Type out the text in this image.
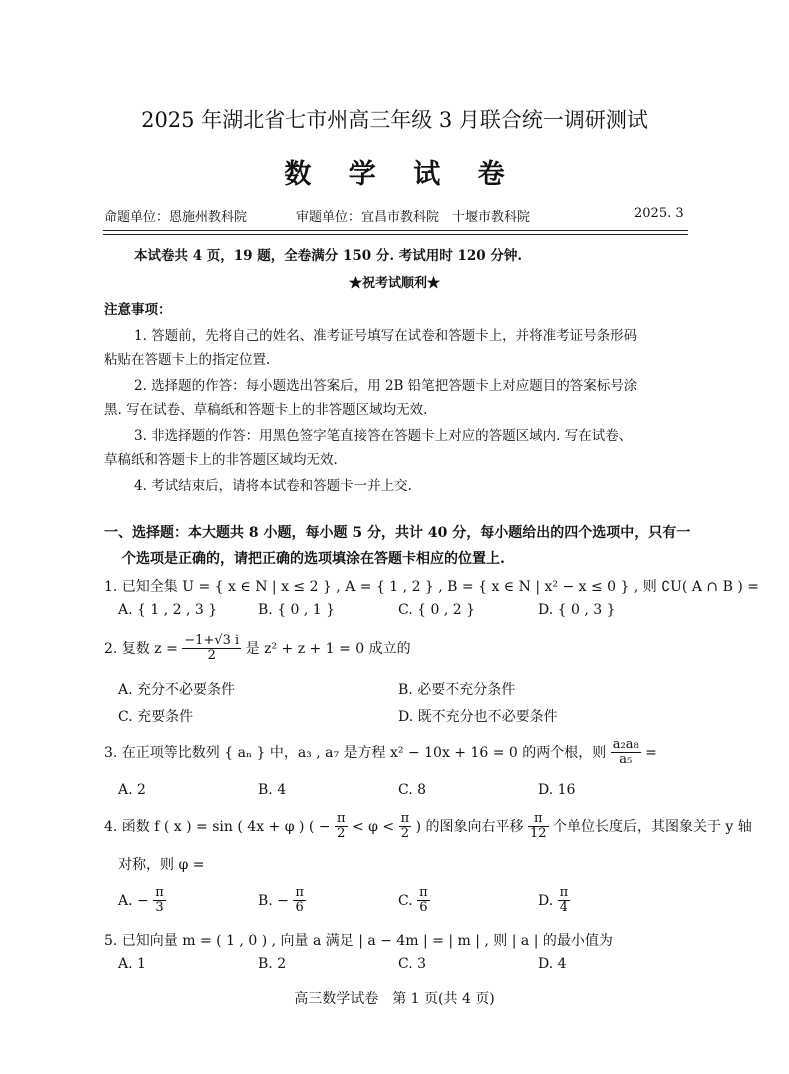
2025 年湖北省七市州高三年级 3 月联合统一调研测试
数 学 试 卷
命题单位：恩施州教科院	审题单位：宜昌市教科院　十堰市教科院	2025. 3
本试卷共 4 页，19 题，全卷满分 150 分. 考试用时 120 分钟.
★祝考试顺利★
注意事项：
1. 答题前，先将自己的姓名、准考证号填写在试卷和答题卡上，并将准考证号条形码
粘贴在答题卡上的指定位置.
2. 选择题的作答：每小题选出答案后，用 2B 铅笔把答题卡上对应题目的答案标号涂
黑. 写在试卷、草稿纸和答题卡上的非答题区域均无效.
3. 非选择题的作答：用黑色签字笔直接答在答题卡上对应的答题区域内. 写在试卷、
草稿纸和答题卡上的非答题区域均无效.
4. 考试结束后，请将本试卷和答题卡一并上交.
一、选择题：本大题共 8 小题，每小题 5 分，共计 40 分，每小题给出的四个选项中，只有一
个选项是正确的，请把正确的选项填涂在答题卡相应的位置上.
1. 已知全集 U = { x ∈ N | x ≤ 2 } , A = { 1 , 2 } , B = { x ∈ N | x² − x ≤ 0 } , 则 ∁U( A ∩ B ) =
A. { 1 , 2 , 3 }	B. { 0 , 1 }	C. { 0 , 2 }	D. { 0 , 3 }
2. 复数 $z = \frac{-1+√3 i}{2}$ 是 z² + z + 1 = 0 成立的
A. 充分不必要条件	B. 必要不充分条件
C. 充要条件	D. 既不充分也不必要条件
3. 在正项等比数列 { aₙ } 中，a₃ , a₇ 是方程 x² − 10x + 16 = 0 的两个根，则 $\frac{\text{a₂a₈}}{\text{a₅}}$ =
A. 2	B. 4	C. 8	D. 16
4. 函数 f ( x ) = sin ( 4x + φ ) ( − $\frac{\pi}{2} < \varphi < \frac{\pi}{2}$ ) 的图象向右平移 $\frac{\pi}{12}$ 个单位长度后，其图象关于 y 轴
对称，则 φ =
A. − $\frac{\pi}{3}$	B. − $\frac{\pi}{6}$	C. $\frac{\pi}{6}$	D. $\frac{\pi}{4}$
5. 已知向量 m = ( 1 , 0 ) , 向量 a 满足 | a − 4m | = | m | , 则 | a | 的最小值为
A. 1	B. 2	C. 3	D. 4
高三数学试卷　第 1 页(共 4 页)
